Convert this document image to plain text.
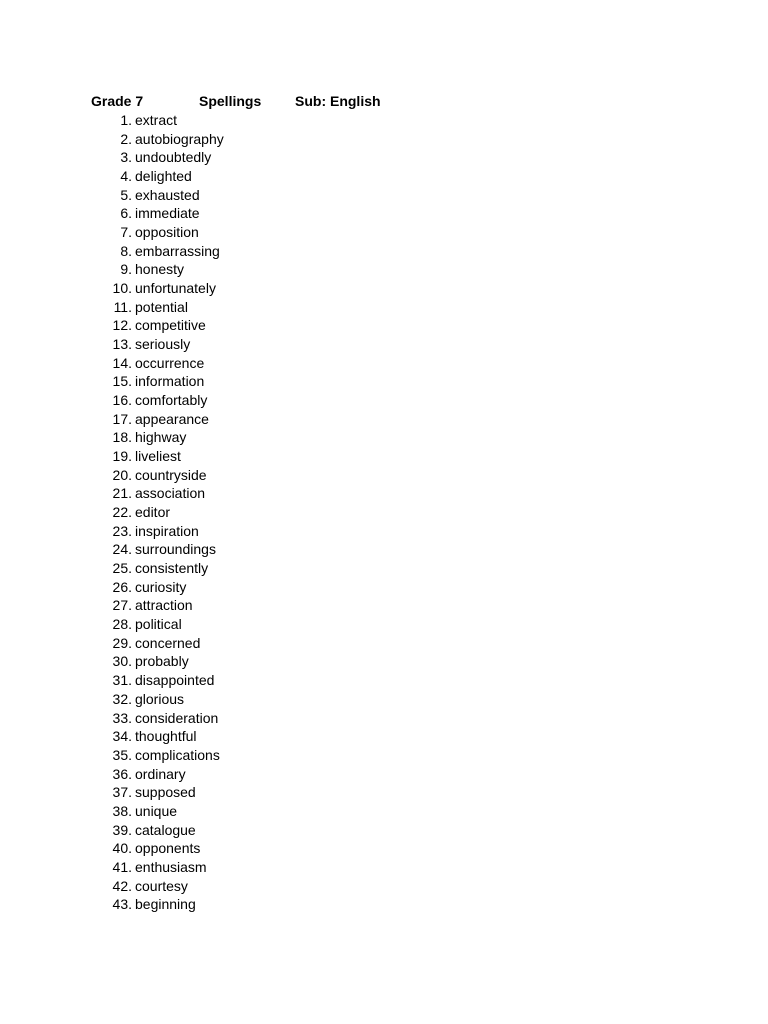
Grade 7	Spellings Sub: English
1. extract
2. autobiography
3. undoubtedly
4. delighted
5. exhausted
6. immediate
7. opposition
8. embarrassing
9. honesty
10. unfortunately
11. potential
12. competitive
13. seriously
14. occurrence
15. information
16. comfortably
17. appearance
18. highway
19. liveliest
20. countryside
21. association
22. editor
23. inspiration
24. surroundings
25. consistently
26. curiosity
27. attraction
28. political
29. concerned
30. probably
31. disappointed
32. glorious
33. consideration
34. thoughtful
35. complications
36. ordinary
37. supposed
38. unique
39. catalogue
40. opponents
41. enthusiasm
42. courtesy
43. beginning
